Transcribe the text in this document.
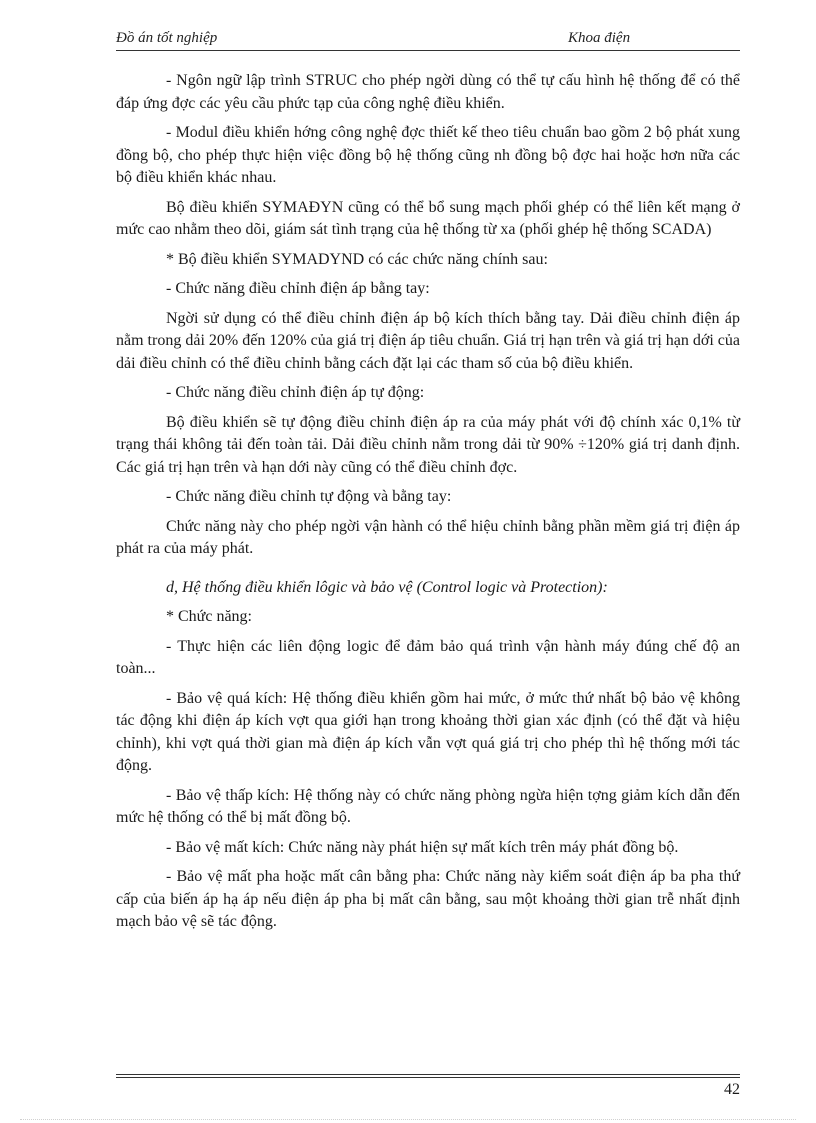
Đồ án tốt nghiệp	Khoa điện

- Ngôn ngữ lập trình STRUC cho phép ngời dùng có thể tự cấu hình hệ thống để có thể đáp ứng đợc các yêu cầu phức tạp của công nghệ điều khiển.

- Modul điều khiển hớng công nghệ đợc thiết kế theo tiêu chuẩn bao gồm 2 bộ phát xung đồng bộ, cho phép thực hiện việc đồng bộ hệ thống cũng nh đồng bộ đợc hai hoặc hơn nữa các bộ điều khiển khác nhau.

Bộ điều khiển SYMAĐYN cũng có thể bổ sung mạch phối ghép có thể liên kết mạng ở mức cao nhằm theo dõi, giám sát tình trạng của hệ thống từ xa (phối ghép hệ thống SCADA)

* Bộ điều khiển SYMADYND có các chức năng chính sau:

- Chức năng điều chỉnh điện áp bằng tay:

Ngời sử dụng có thể điều chỉnh điện áp bộ kích thích bằng tay. Dải điều chỉnh điện áp nằm trong dải 20% đến 120% của giá trị điện áp tiêu chuẩn. Giá trị hạn trên và giá trị hạn dới của dải điều chỉnh có thể điều chỉnh bằng cách đặt lại các tham số của bộ điều khiển.

- Chức năng điều chỉnh điện áp tự động:

Bộ điều khiển sẽ tự động điều chỉnh điện áp ra của máy phát với độ chính xác 0,1% từ trạng thái không tải đến toàn tải. Dải điều chỉnh nằm trong dải từ 90% ÷120% giá trị danh định. Các giá trị hạn trên và hạn dới này cũng có thể điều chỉnh đợc.

- Chức năng điều chỉnh tự động và bằng tay:

Chức năng này cho phép ngời vận hành có thể hiệu chỉnh bằng phần mềm giá trị điện áp phát ra của máy phát.

d, Hệ thống điều khiển lôgic và bảo vệ (Control logic và Protection):

* Chức năng:

- Thực hiện các liên động logic để đảm bảo quá trình vận hành máy đúng chế độ an toàn...

- Bảo vệ quá kích: Hệ thống điều khiển gồm hai mức, ở mức thứ nhất bộ bảo vệ không tác động khi điện áp kích vợt qua giới hạn trong khoảng thời gian xác định (có thể đặt và hiệu chỉnh), khi vợt quá thời gian mà điện áp kích vẫn vợt quá giá trị cho phép thì hệ thống mới tác động.

- Bảo vệ thấp kích: Hệ thống này có chức năng phòng ngừa hiện tợng giảm kích dẫn đến mức hệ thống có thể bị mất đồng bộ.

- Bảo vệ mất kích: Chức năng này phát hiện sự mất kích trên máy phát đồng bộ.

- Bảo vệ mất pha hoặc mất cân bằng pha: Chức năng này kiểm soát điện áp ba pha thứ cấp của biến áp hạ áp nếu điện áp pha bị mất cân bằng, sau một khoảng thời gian trễ nhất định mạch bảo vệ sẽ tác động.

42
